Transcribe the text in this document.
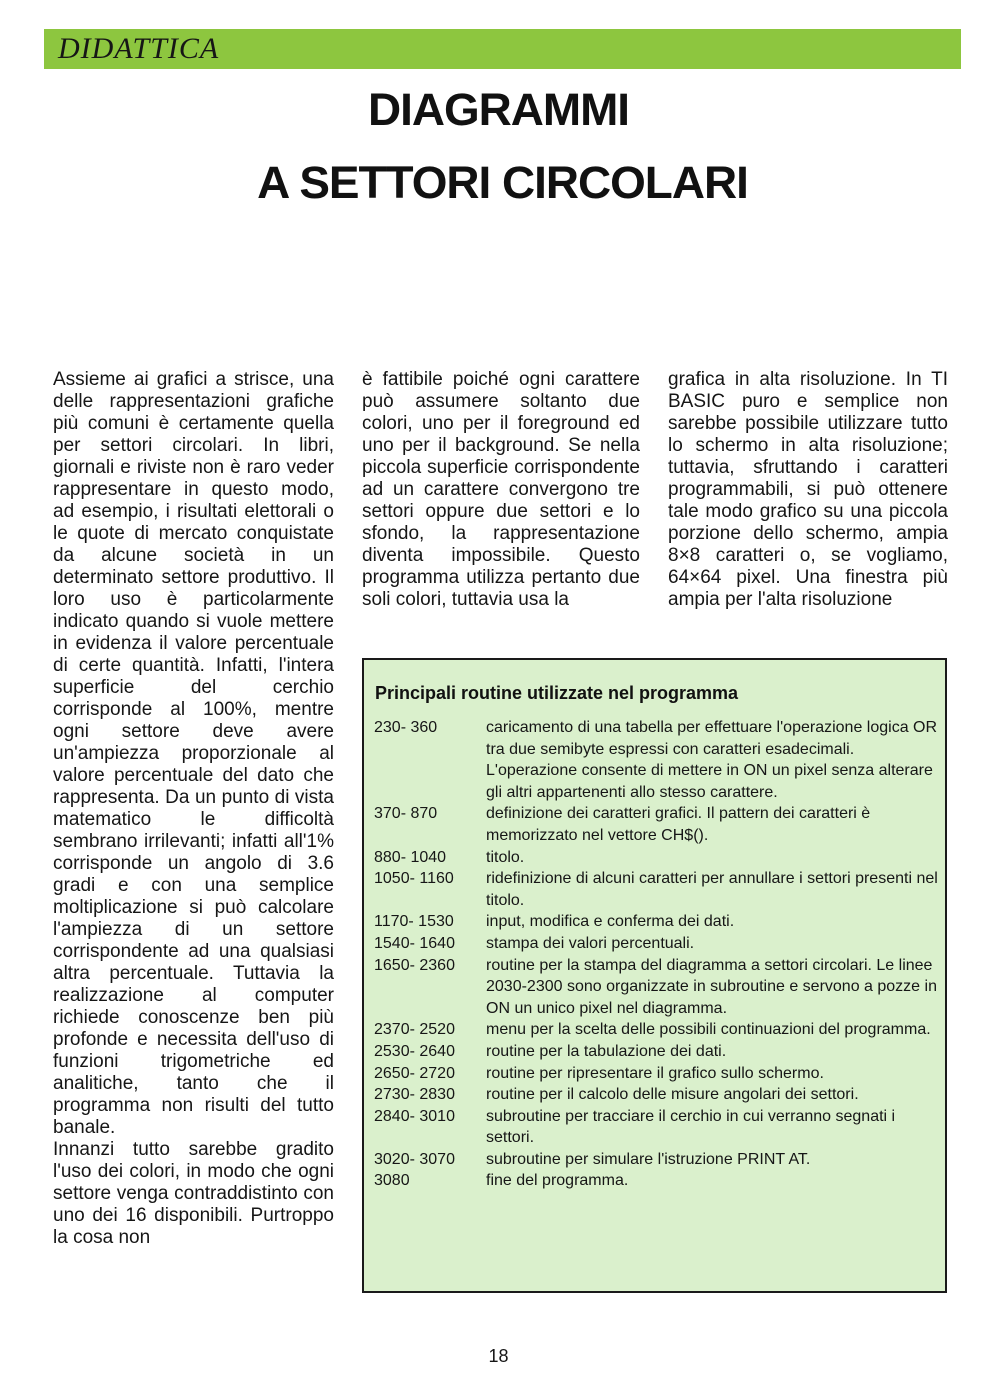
DIDATTICA
DIAGRAMMI
A SETTORI CIRCOLARI

Assieme ai grafici a strisce, una delle rappresentazioni grafiche più comuni è certamente quella per settori circolari. In libri, giornali e riviste non è raro veder rappresentare in questo modo, ad esempio, i risultati elettorali o le quote di mercato conquistate da alcune società in un determinato settore produttivo. Il loro uso è particolarmente indicato quando si vuole mettere in evidenza il valore percentuale di certe quantità. Infatti, l'intera superficie del cerchio corrisponde al 100%, mentre ogni settore deve avere un'ampiezza proporzionale al valore percentuale del dato che rappresenta. Da un punto di vista matematico le difficoltà sembrano irrilevanti; infatti all'1% corrisponde un angolo di 3.6 gradi e con una semplice moltiplicazione si può calcolare l'ampiezza di un settore corrispondente ad una qualsiasi altra percentuale. Tuttavia la realizzazione al computer richiede conoscenze ben più profonde e necessita dell'uso di funzioni trigometriche ed analitiche, tanto che il programma non risulti del tutto banale.

Innanzi tutto sarebbe gradito l'uso dei colori, in modo che ogni settore venga contraddistinto con uno dei 16 disponibili. Purtroppo la cosa non

è fattibile poiché ogni carattere può assumere soltanto due colori, uno per il foreground ed uno per il background. Se nella piccola superficie corrispondente ad un carattere convergono tre settori oppure due settori e lo sfondo, la rappresentazione diventa impossibile. Questo programma utilizza pertanto due soli colori, tuttavia usa la

grafica in alta risoluzione. In TI BASIC puro e semplice non sarebbe possibile utilizzare tutto lo schermo in alta risoluzione; tuttavia, sfruttando i caratteri programmabili, si può ottenere tale modo grafico su una piccola porzione dello schermo, ampia 8×8 caratteri o, se vogliamo, 64×64 pixel. Una finestra più ampia per l'alta risoluzione

Principali routine utilizzate nel programma
230- 360	caricamento di una tabella per effettuare l'operazione logica OR tra due semibyte espressi con caratteri esadecimali. L'operazione consente di mettere in ON un pixel senza alterare gli altri appartenenti allo stesso carattere.
370- 870	definizione dei caratteri grafici. Il pattern dei caratteri è memorizzato nel vettore CH$().
880- 1040	titolo.
1050- 1160	ridefinizione di alcuni caratteri per annullare i settori presenti nel titolo.
1170- 1530	input, modifica e conferma dei dati.
1540- 1640	stampa dei valori percentuali.
1650- 2360	routine per la stampa del diagramma a settori circolari. Le linee 2030-2300 sono organizzate in subroutine e servono a pozze in ON un unico pixel nel diagramma.
2370- 2520	menu per la scelta delle possibili continuazioni del programma.
2530- 2640	routine per la tabulazione dei dati.
2650- 2720	routine per ripresentare il grafico sullo schermo.
2730- 2830	routine per il calcolo delle misure angolari dei settori.
2840- 3010	subroutine per tracciare il cerchio in cui verranno segnati i settori.
3020- 3070	subroutine per simulare l'istruzione PRINT AT.
3080	fine del programma.
18
